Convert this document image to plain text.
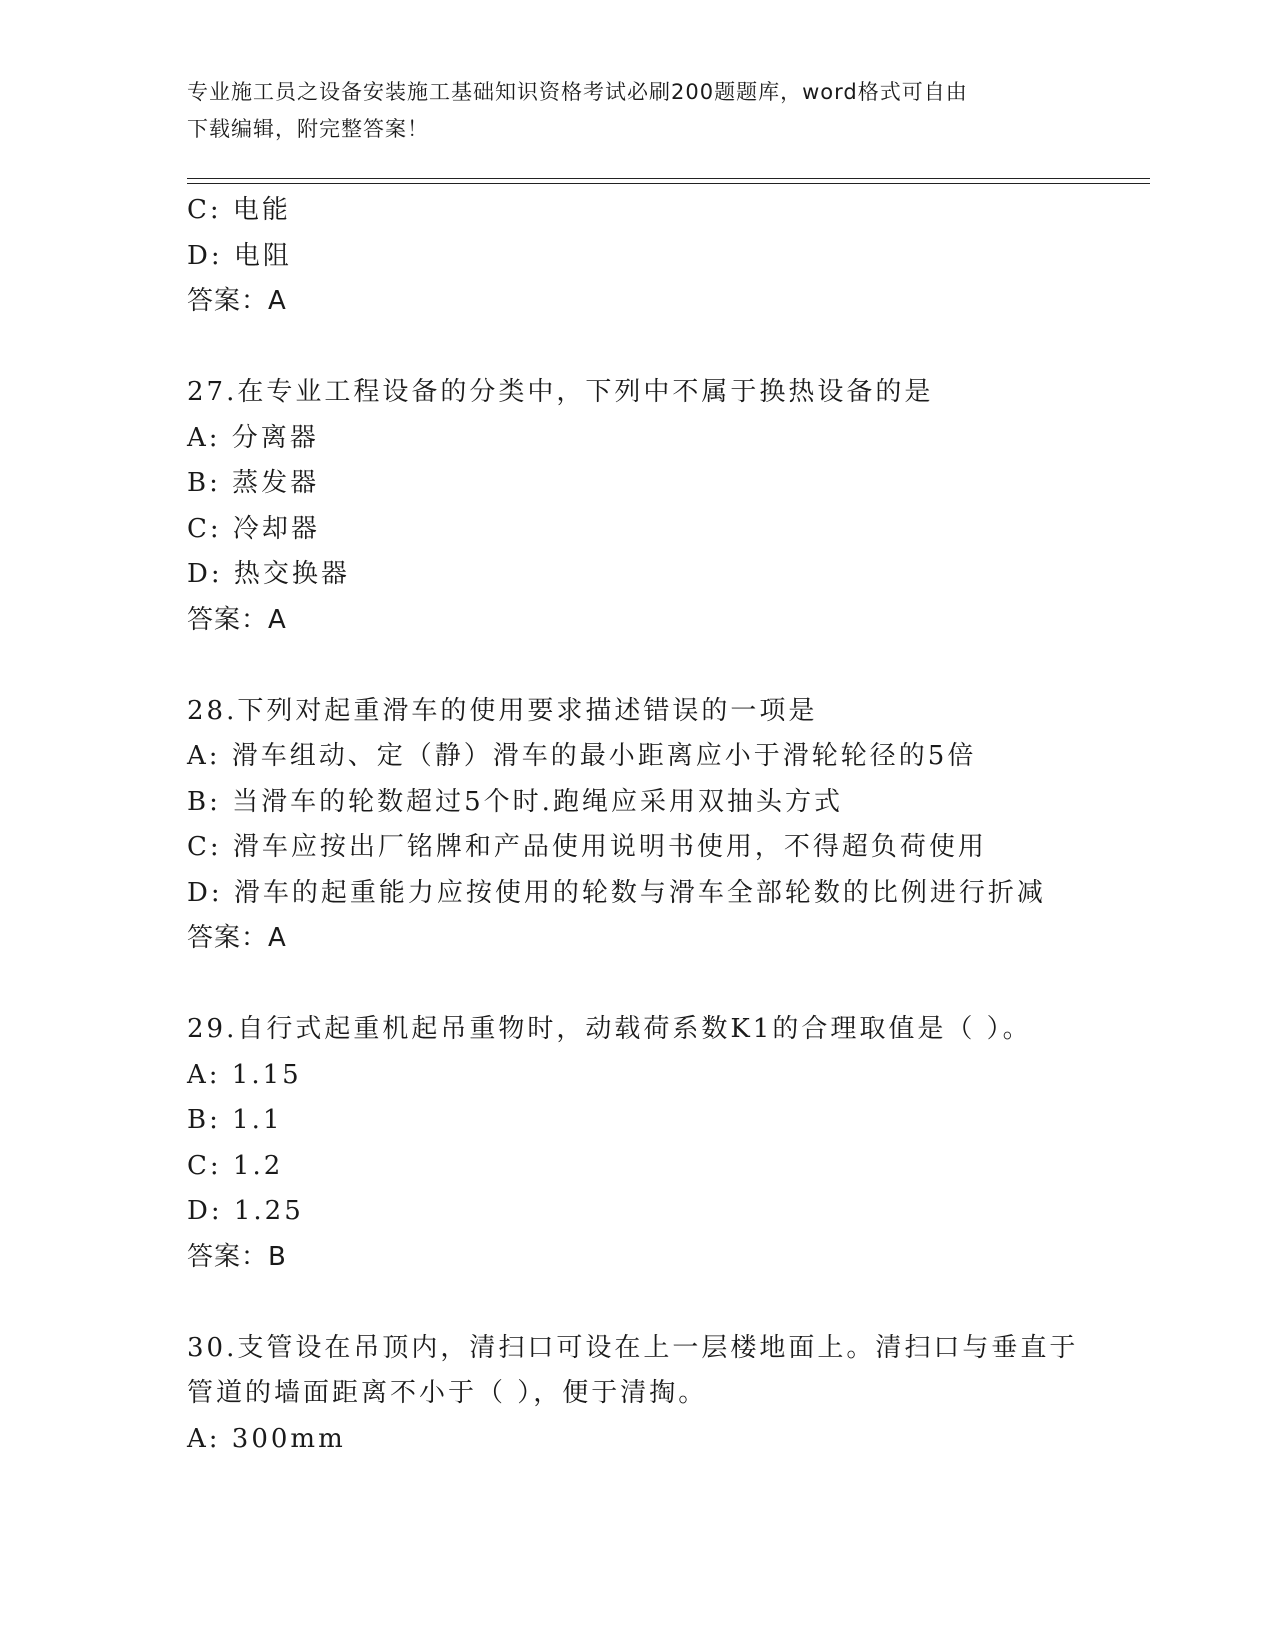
专业施工员之设备安装施工基础知识资格考试必刷200题题库，word格式可自由
下载编辑，附完整答案！
C: 电能
D: 电阻
答案：A
27.在专业工程设备的分类中，下列中不属于换热设备的是
A: 分离器
B: 蒸发器
C: 冷却器
D: 热交换器
答案：A
28.下列对起重滑车的使用要求描述错误的一项是
A: 滑车组动、定（静）滑车的最小距离应小于滑轮轮径的5倍
B: 当滑车的轮数超过5个时.跑绳应采用双抽头方式
C: 滑车应按出厂铭牌和产品使用说明书使用，不得超负荷使用
D: 滑车的起重能力应按使用的轮数与滑车全部轮数的比例进行折减
答案：A
29.自行式起重机起吊重物时，动载荷系数K1的合理取值是（ ）。
A: 1.15
B: 1.1
C: 1.2
D: 1.25
答案：B
30.支管设在吊顶内，清扫口可设在上一层楼地面上。清扫口与垂直于
管道的墙面距离不小于（ ），便于清掏。
A: 300mm
